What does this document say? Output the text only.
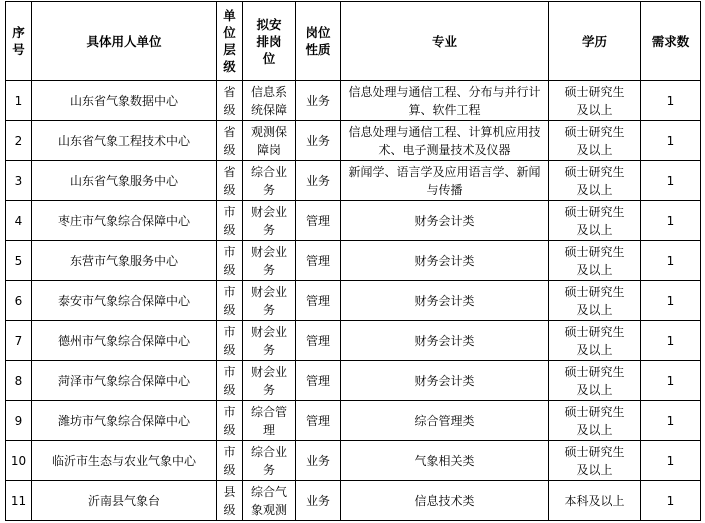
序号	具体用人单位	单位层级	拟安排岗位	岗位性质	专业	学历	需求数
1	山东省气象数据中心	省级	信息系统保障	业务	信息处理与通信工程、分布与并行计算、软件工程	硕士研究生及以上	1
2	山东省气象工程技术中心	省级	观测保障岗	业务	信息处理与通信工程、计算机应用技术、电子测量技术及仪器	硕士研究生及以上	1
3	山东省气象服务中心	省级	综合业务	业务	新闻学、语言学及应用语言学、新闻与传播	硕士研究生及以上	1
4	枣庄市气象综合保障中心	市级	财会业务	管理	财务会计类	硕士研究生及以上	1
5	东营市气象服务中心	市级	财会业务	管理	财务会计类	硕士研究生及以上	1
6	泰安市气象综合保障中心	市级	财会业务	管理	财务会计类	硕士研究生及以上	1
7	德州市气象综合保障中心	市级	财会业务	管理	财务会计类	硕士研究生及以上	1
8	菏泽市气象综合保障中心	市级	财会业务	管理	财务会计类	硕士研究生及以上	1
9	潍坊市气象综合保障中心	市级	综合管理	管理	综合管理类	硕士研究生及以上	1
10	临沂市生态与农业气象中心	市级	综合业务	业务	气象相关类	硕士研究生及以上	1
11	沂南县气象台	县级	综合气象观测	业务	信息技术类	本科及以上	1
